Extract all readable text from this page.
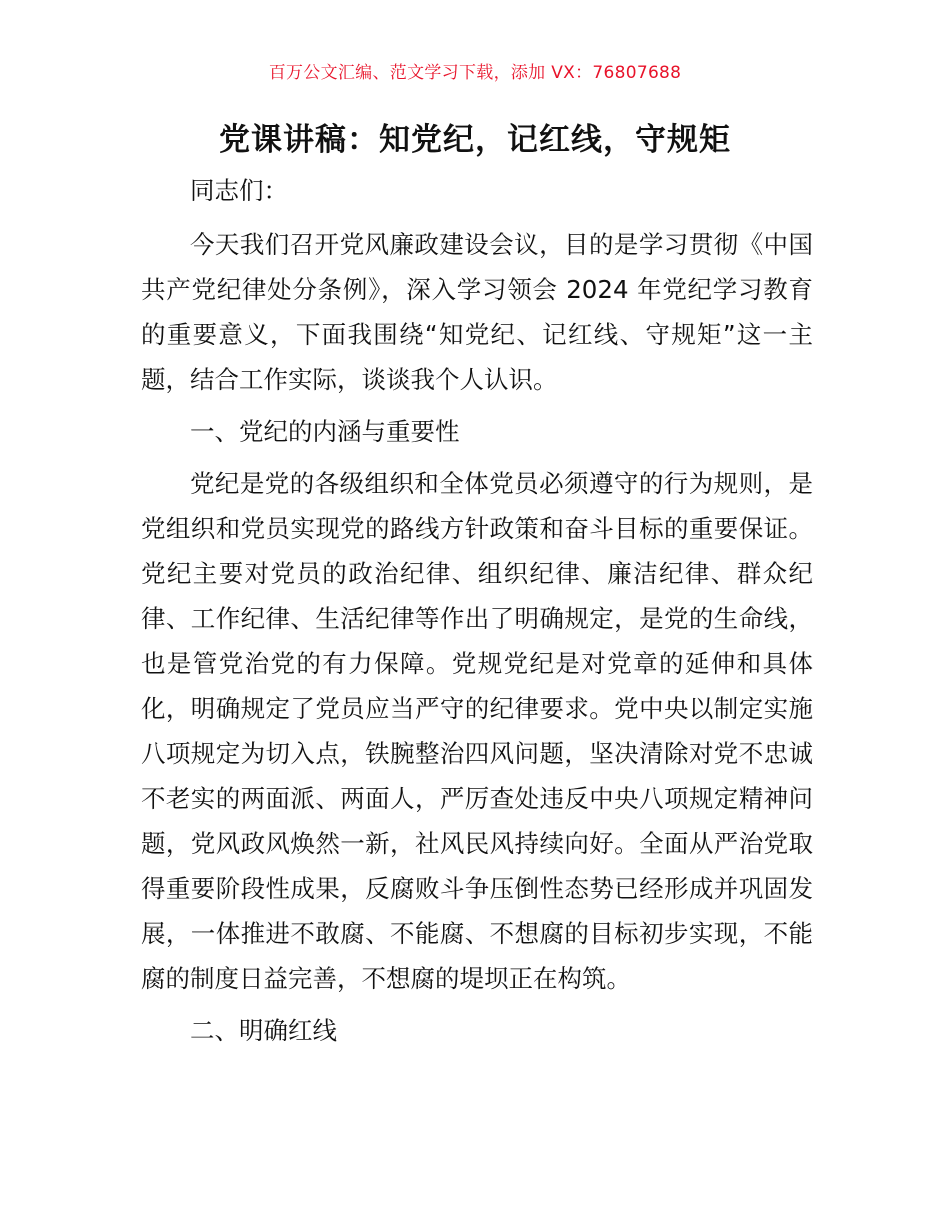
百万公文汇编、范文学习下载，添加 VX：76807688
党课讲稿：知党纪，记红线，守规矩

同志们：

今天我们召开党风廉政建设会议，目的是学习贯彻《中国共产党纪律处分条例》，深入学习领会 2024 年党纪学习教育的重要意义，下面我围绕“知党纪、记红线、守规矩”这一主题，结合工作实际，谈谈我个人认识。

一、党纪的内涵与重要性

党纪是党的各级组织和全体党员必须遵守的行为规则，是党组织和党员实现党的路线方针政策和奋斗目标的重要保证。党纪主要对党员的政治纪律、组织纪律、廉洁纪律、群众纪律、工作纪律、生活纪律等作出了明确规定，是党的生命线，也是管党治党的有力保障。党规党纪是对党章的延伸和具体化，明确规定了党员应当严守的纪律要求。党中央以制定实施八项规定为切入点，铁腕整治四风问题，坚决清除对党不忠诚不老实的两面派、两面人，严厉查处违反中央八项规定精神问题，党风政风焕然一新，社风民风持续向好。全面从严治党取得重要阶段性成果，反腐败斗争压倒性态势已经形成并巩固发展，一体推进不敢腐、不能腐、不想腐的目标初步实现，不能腐的制度日益完善，不想腐的堤坝正在构筑。

二、明确红线
